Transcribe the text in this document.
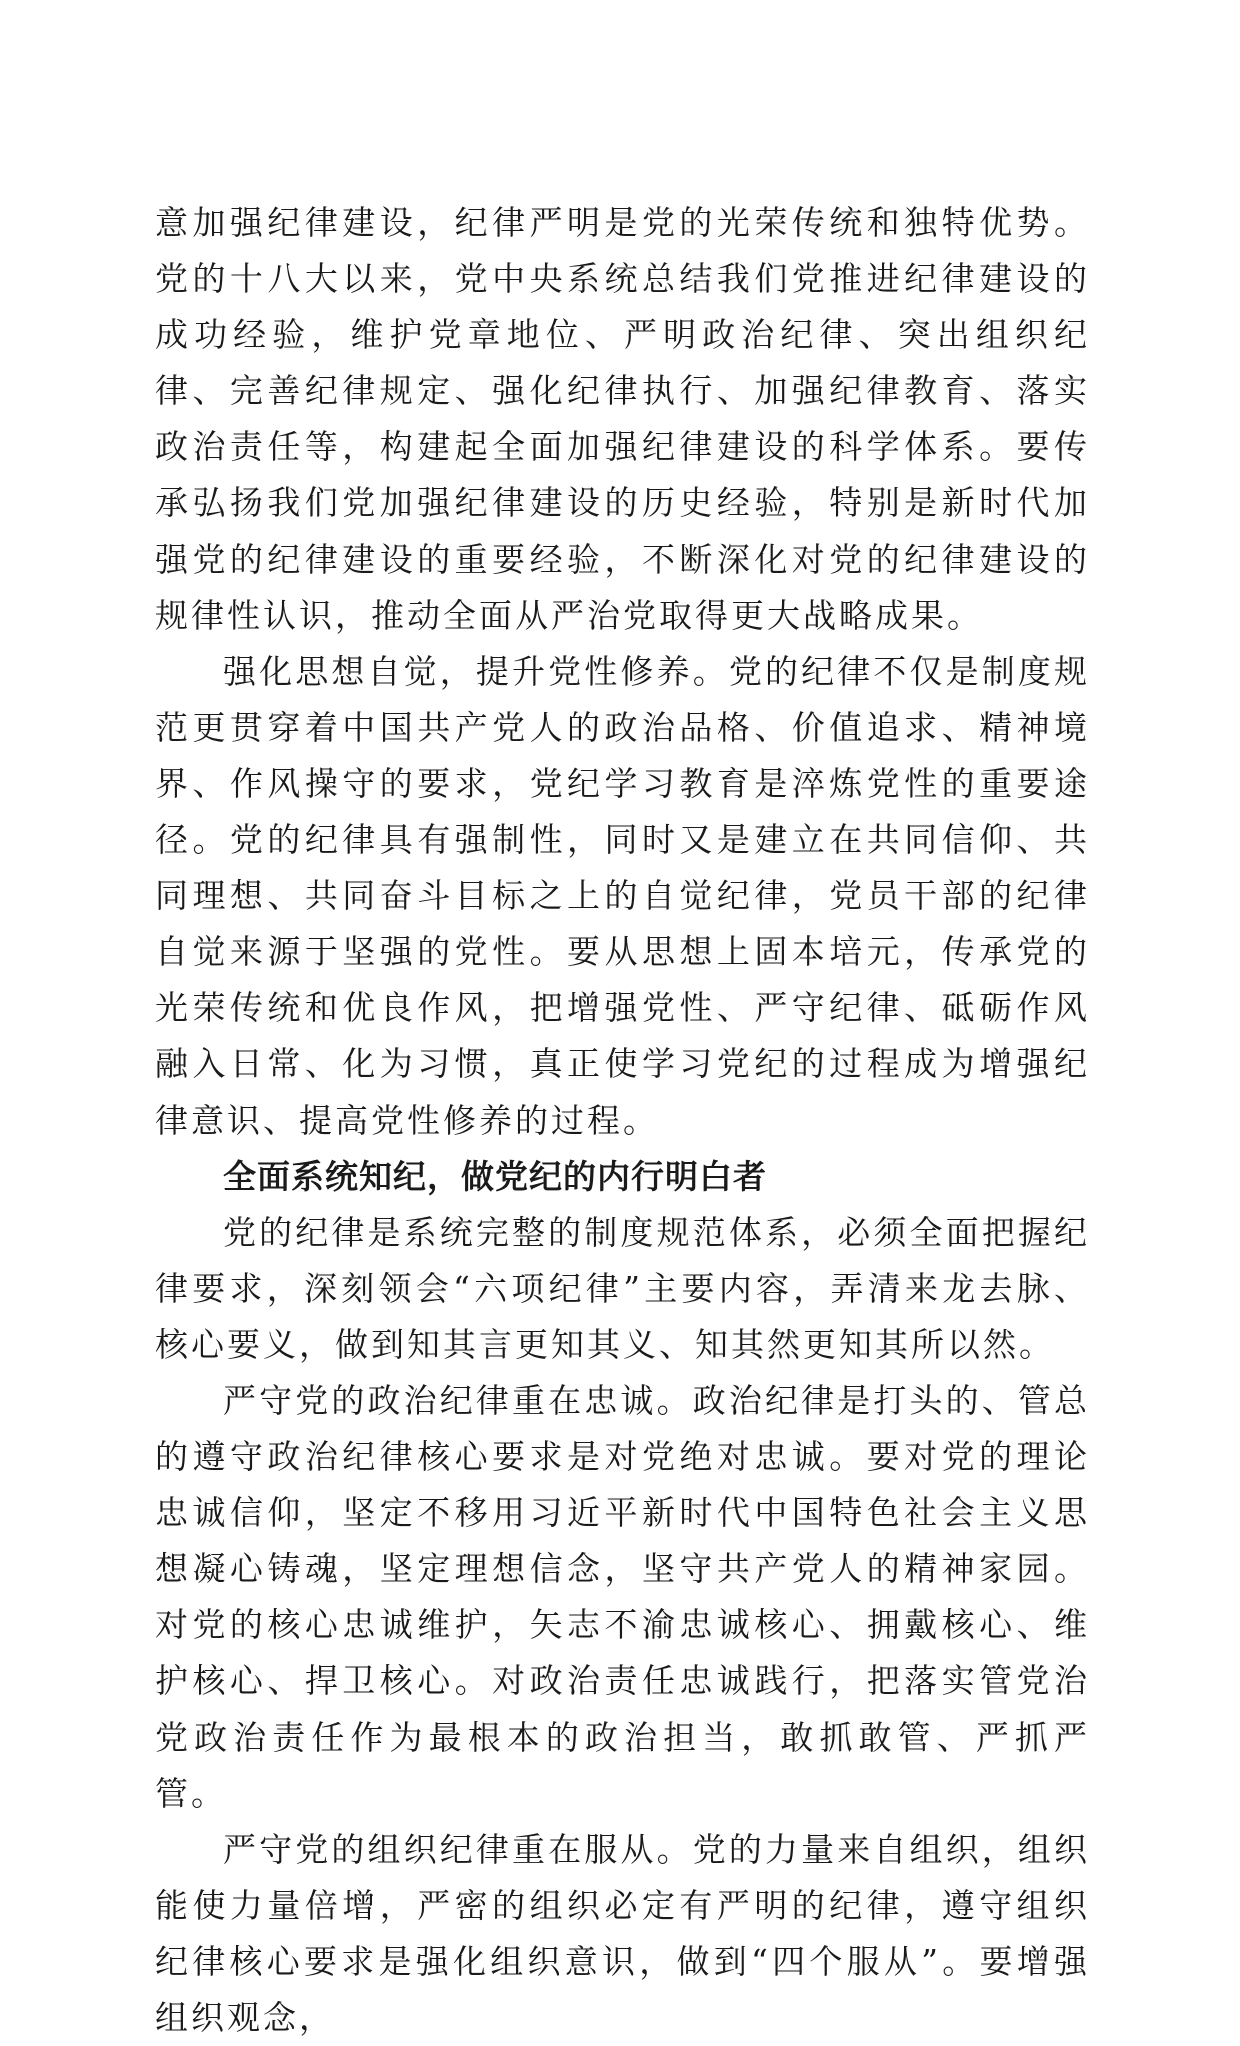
意加强纪律建设，纪律严明是党的光荣传统和独特优势。党的十八大以来，党中央系统总结我们党推进纪律建设的成功经验，维护党章地位、严明政治纪律、突出组织纪律、完善纪律规定、强化纪律执行、加强纪律教育、落实政治责任等，构建起全面加强纪律建设的科学体系。要传承弘扬我们党加强纪律建设的历史经验，特别是新时代加强党的纪律建设的重要经验，不断深化对党的纪律建设的规律性认识，推动全面从严治党取得更大战略成果。

强化思想自觉，提升党性修养。党的纪律不仅是制度规范更贯穿着中国共产党人的政治品格、价值追求、精神境界、作风操守的要求，党纪学习教育是淬炼党性的重要途径。党的纪律具有强制性，同时又是建立在共同信仰、共同理想、共同奋斗目标之上的自觉纪律，党员干部的纪律自觉来源于坚强的党性。要从思想上固本培元，传承党的光荣传统和优良作风，把增强党性、严守纪律、砥砺作风融入日常、化为习惯，真正使学习党纪的过程成为增强纪律意识、提高党性修养的过程。

全面系统知纪，做党纪的内行明白者

党的纪律是系统完整的制度规范体系，必须全面把握纪律要求，深刻领会“六项纪律”主要内容，弄清来龙去脉、核心要义，做到知其言更知其义、知其然更知其所以然。

严守党的政治纪律重在忠诚。政治纪律是打头的、管总的遵守政治纪律核心要求是对党绝对忠诚。要对党的理论忠诚信仰，坚定不移用习近平新时代中国特色社会主义思想凝心铸魂，坚定理想信念，坚守共产党人的精神家园。对党的核心忠诚维护，矢志不渝忠诚核心、拥戴核心、维护核心、捍卫核心。对政治责任忠诚践行，把落实管党治党政治责任作为最根本的政治担当，敢抓敢管、严抓严管。

严守党的组织纪律重在服从。党的力量来自组织，组织能使力量倍增，严密的组织必定有严明的纪律，遵守组织纪律核心要求是强化组织意识，做到“四个服从”。要增强组织观念，
